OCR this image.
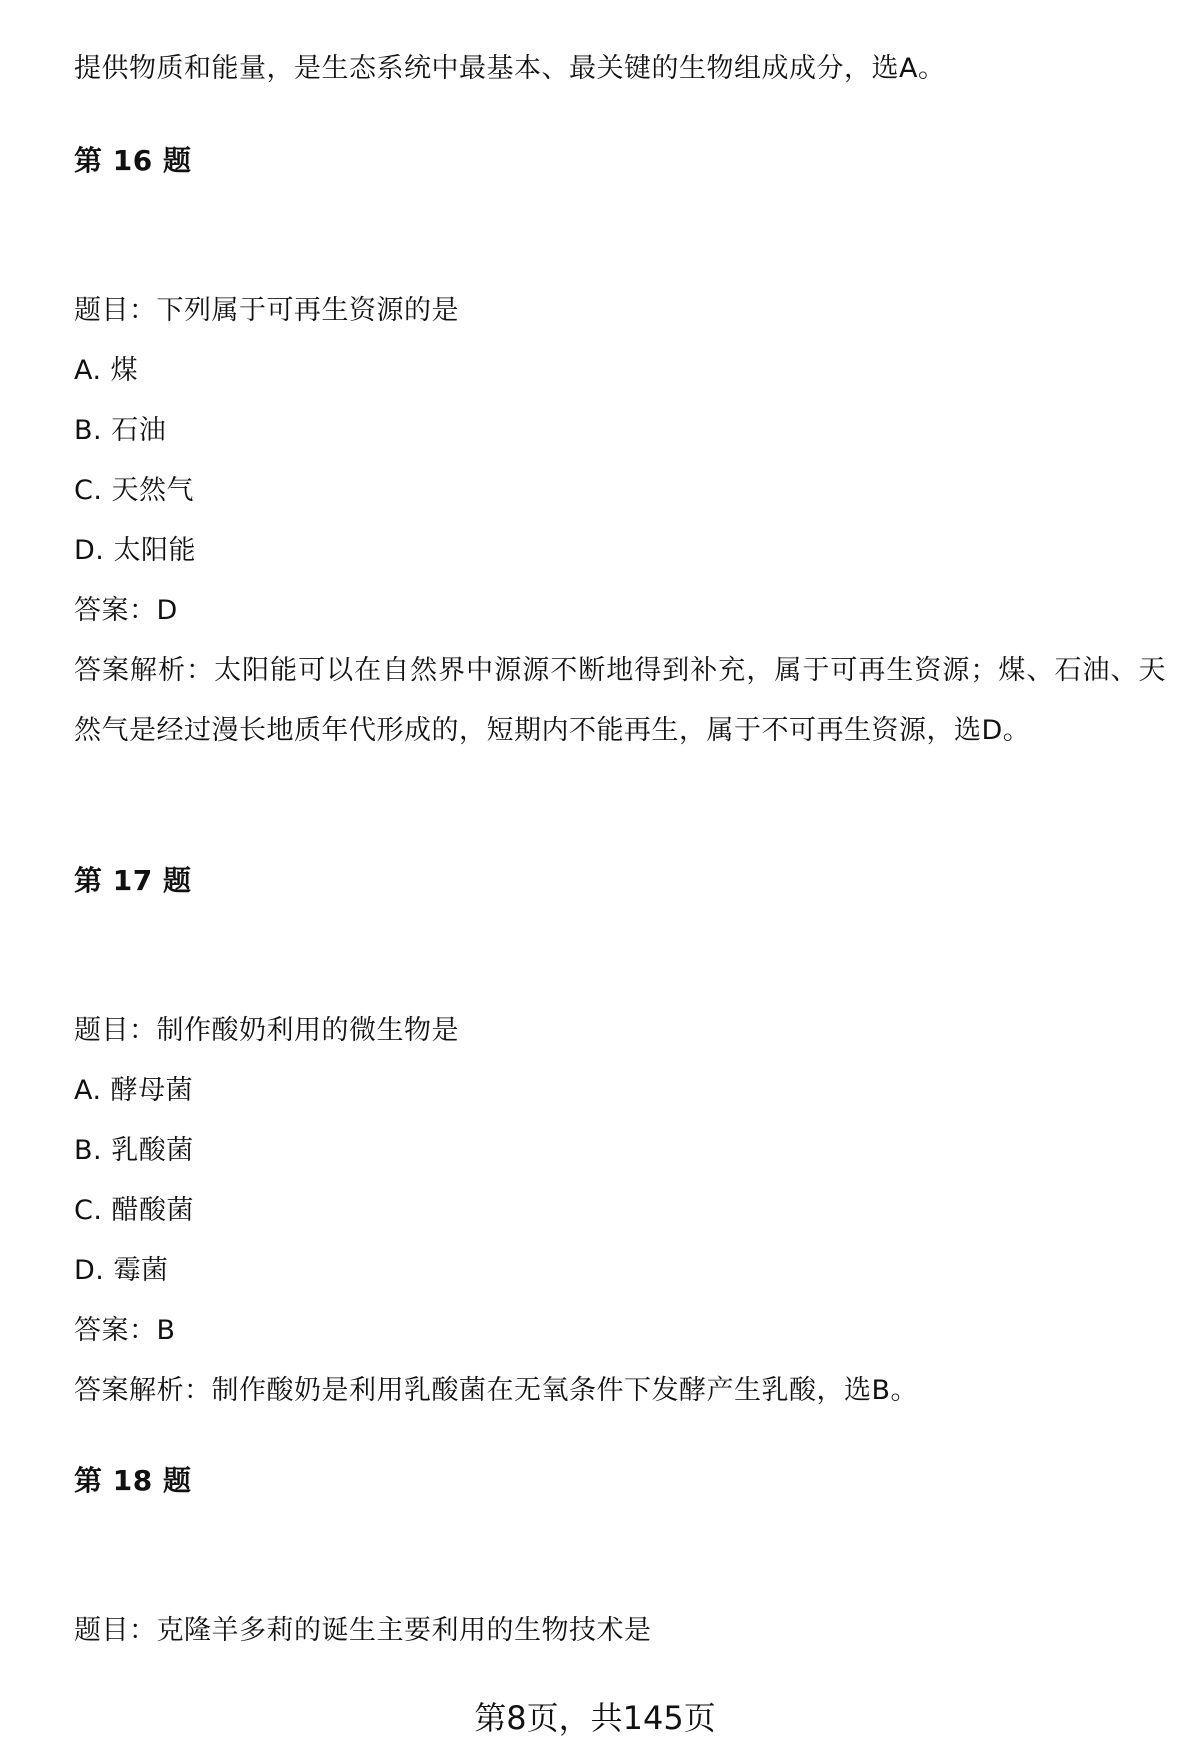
提供物质和能量，是生态系统中最基本、最关键的生物组成成分，选A。
第 16 题
题目：下列属于可再生资源的是
A. 煤
B. 石油
C. 天然气
D. 太阳能
答案：D
答案解析：太阳能可以在自然界中源源不断地得到补充，属于可再生资源；煤、石油、天然气是经过漫长地质年代形成的，短期内不能再生，属于不可再生资源，选D。
第 17 题
题目：制作酸奶利用的微生物是
A. 酵母菌
B. 乳酸菌
C. 醋酸菌
D. 霉菌
答案：B
答案解析：制作酸奶是利用乳酸菌在无氧条件下发酵产生乳酸，选B。
第 18 题
题目：克隆羊多莉的诞生主要利用的生物技术是
第8页，共145页
